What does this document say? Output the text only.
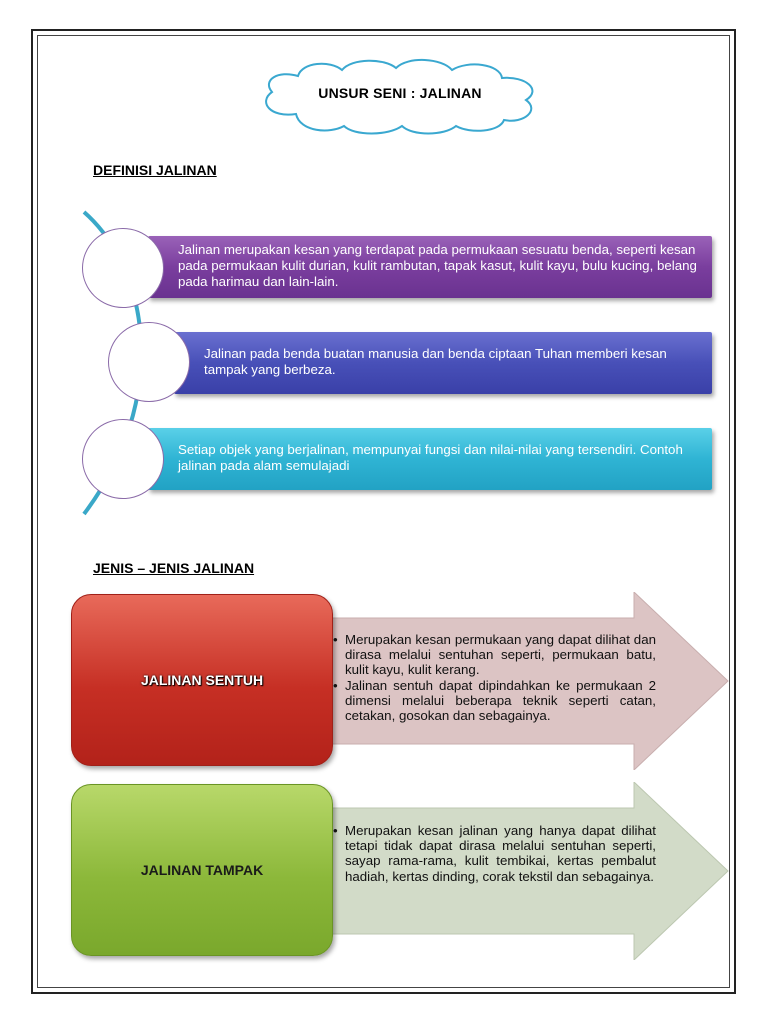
UNSUR SENI : JALINAN
DEFINISI JALINAN
Jalinan merupakan kesan yang terdapat pada permukaan sesuatu benda, seperti kesan pada permukaan kulit durian, kulit rambutan, tapak kasut, kulit kayu, bulu kucing, belang pada harimau dan lain-lain.
Jalinan pada benda buatan manusia dan benda ciptaan Tuhan memberi kesan tampak yang berbeza.
Setiap objek yang berjalinan, mempunyai fungsi dan nilai-nilai yang tersendiri. Contoh jalinan pada alam semulajadi
JENIS – JENIS JALINAN
JALINAN SENTUH
• Merupakan kesan permukaan yang dapat dilihat dan dirasa melalui sentuhan seperti, permukaan batu, kulit kayu, kulit kerang.
• Jalinan sentuh dapat dipindahkan ke permukaan 2 dimensi melalui beberapa teknik seperti catan, cetakan, gosokan dan sebagainya.
JALINAN TAMPAK
• Merupakan kesan jalinan yang hanya dapat dilihat tetapi tidak dapat dirasa melalui sentuhan seperti, sayap rama-rama, kulit tembikai, kertas pembalut hadiah, kertas dinding, corak tekstil dan sebagainya.
